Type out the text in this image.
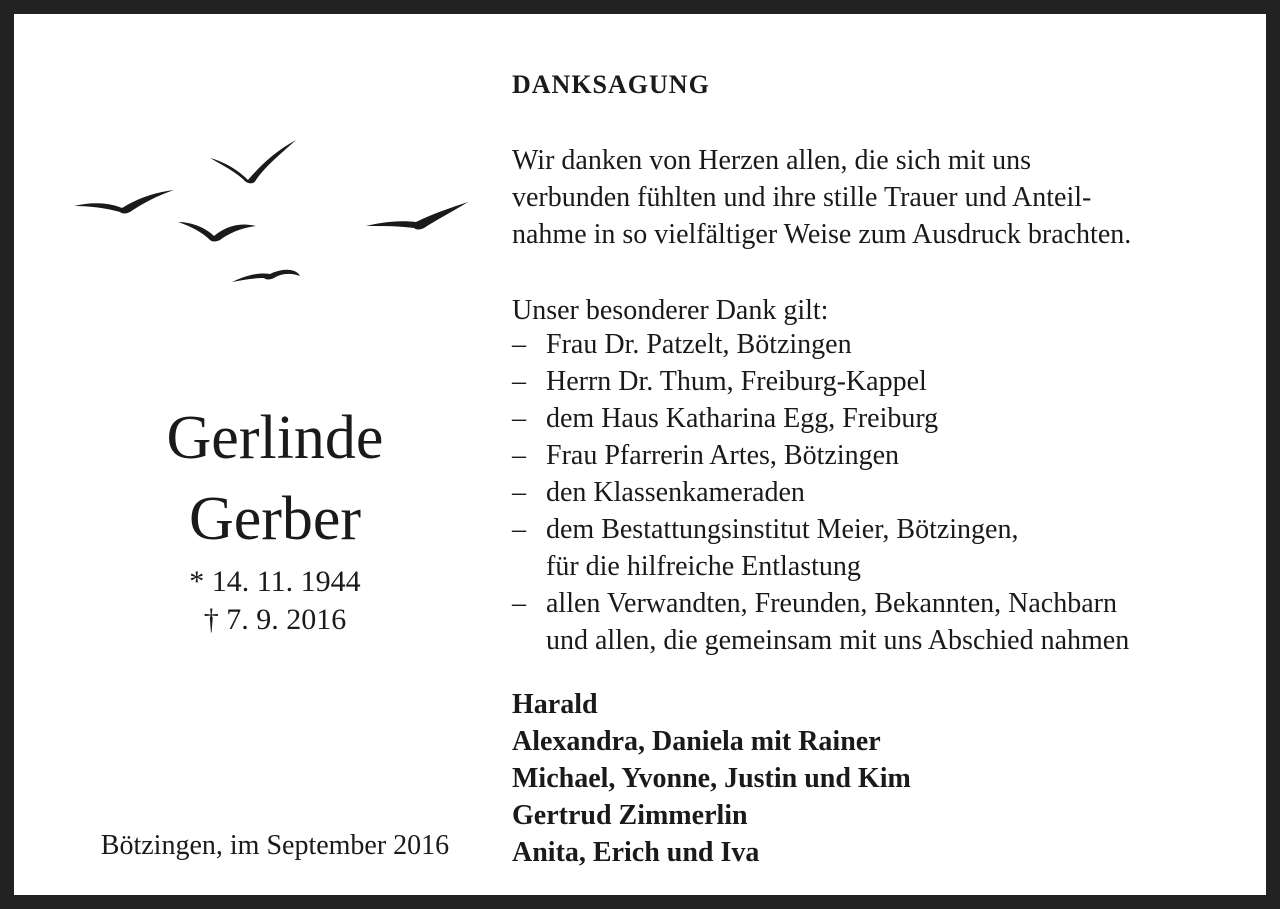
Gerlinde
Gerber
* 14. 11. 1944
† 7. 9. 2016
Bötzingen, im September 2016
DANKSAGUNG
Wir danken von Herzen allen, die sich mit uns
verbunden fühlten und ihre stille Trauer und Anteil-
nahme in so vielfältiger Weise zum Ausdruck brachten.
Unser besonderer Dank gilt:
– Frau Dr. Patzelt, Bötzingen
– Herrn Dr. Thum, Freiburg-Kappel
– dem Haus Katharina Egg, Freiburg
– Frau Pfarrerin Artes, Bötzingen
– den Klassenkameraden
– dem Bestattungsinstitut Meier, Bötzingen,
für die hilfreiche Entlastung
– allen Verwandten, Freunden, Bekannten, Nachbarn
und allen, die gemeinsam mit uns Abschied nahmen
Harald
Alexandra, Daniela mit Rainer
Michael, Yvonne, Justin und Kim
Gertrud Zimmerlin
Anita, Erich und Iva
